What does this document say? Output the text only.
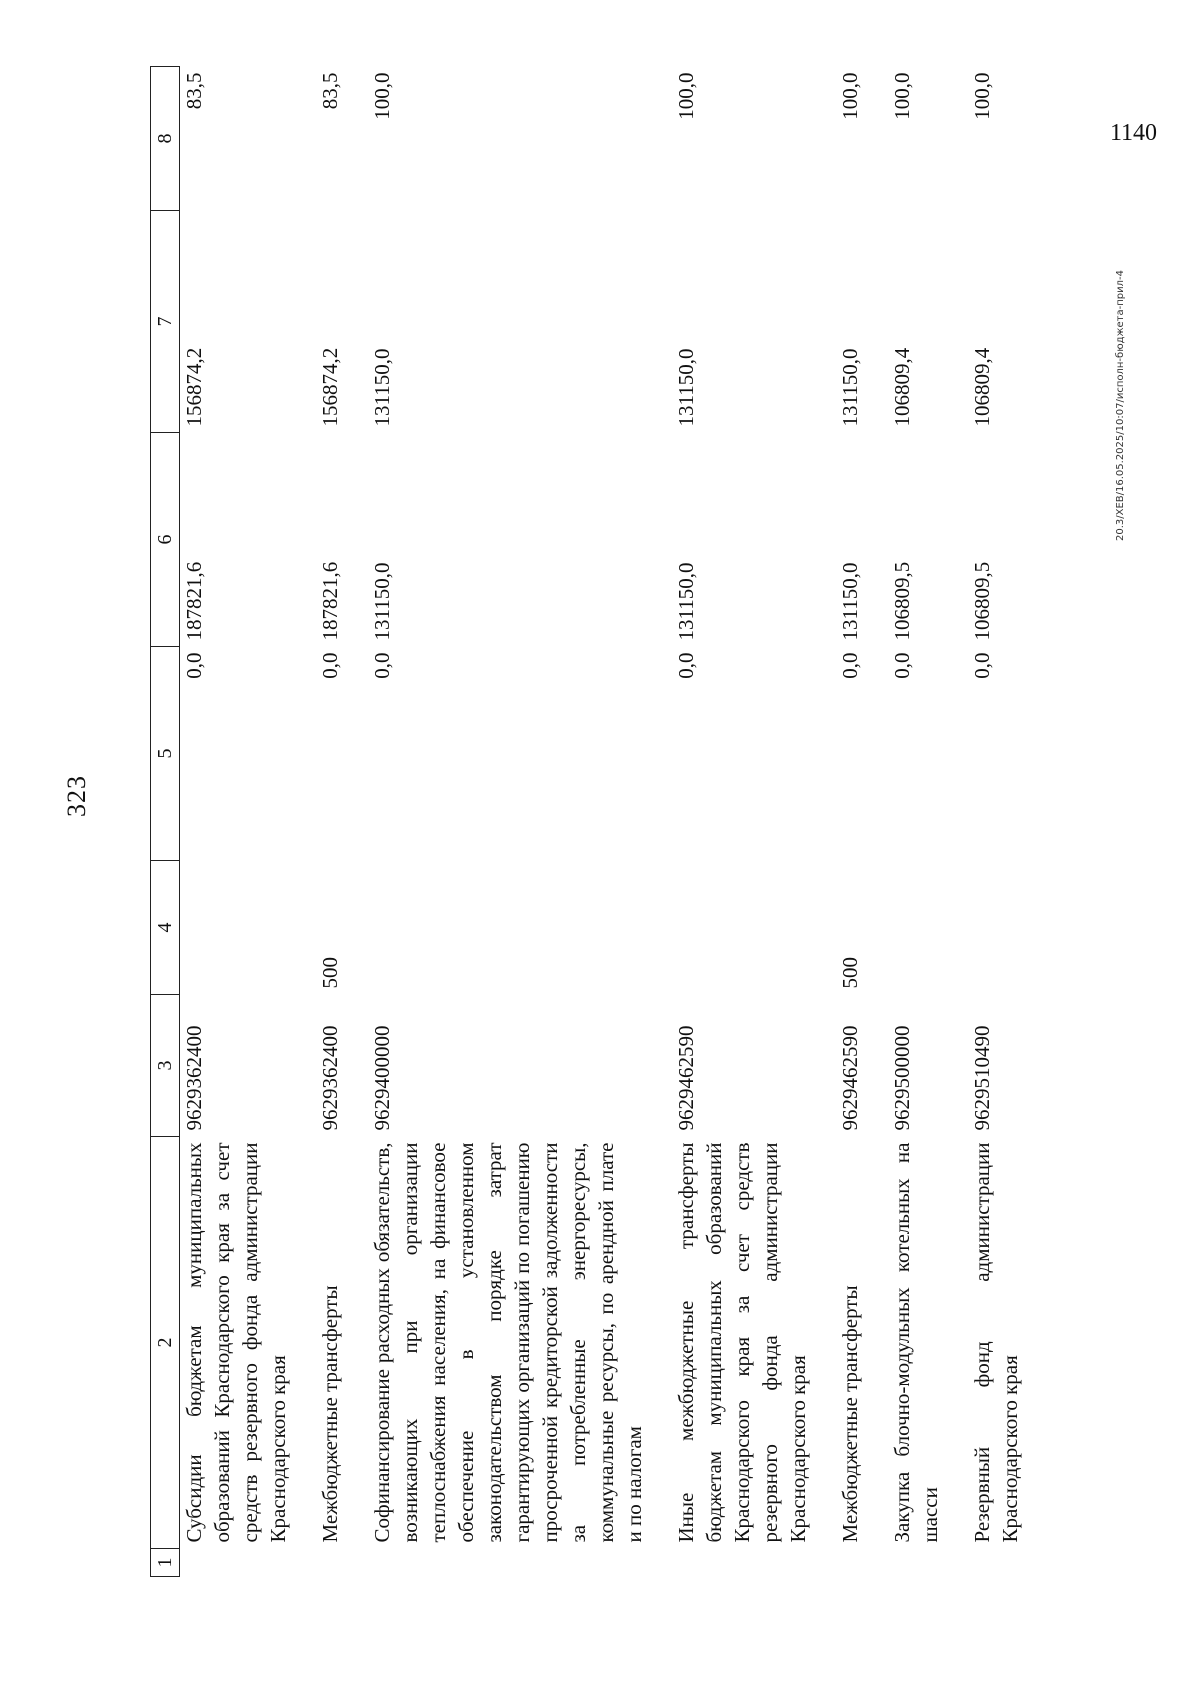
323
1	2	3	4	5	6	7	8
	Субсидии бюджетам муниципальных образований Краснодарского края за счет средств резервного фонда администрации Краснодарского края	9629362400		0,0	187821,6	156874,2	83,5
	Межбюджетные трансферты	9629362400	500	0,0	187821,6	156874,2	83,5
	Софинансирование расходных обязательств, возникающих при организации теплоснабжения населения, на финансовое обеспечение в установленном законодательством порядке затрат гарантирующих организаций по погашению просроченной кредиторской задолженности за потребленные энергоресурсы, коммунальные ресурсы, по арендной плате и по налогам	9629400000		0,0	131150,0	131150,0	100,0
	Иные межбюджетные трансферты бюджетам муниципальных образований Краснодарского края за счет средств резервного фонда администрации Краснодарского края	9629462590		0,0	131150,0	131150,0	100,0
	Межбюджетные трансферты	9629462590	500	0,0	131150,0	131150,0	100,0
	Закупка блочно-модульных котельных на шасси	9629500000		0,0	106809,5	106809,4	100,0
	Резервный фонд администрации Краснодарского края	9629510490		0,0	106809,5	106809,4	100,0
20.3/ХЕВ/16.05.2025/10:07/исполн-бюджета-прил-4
1140
